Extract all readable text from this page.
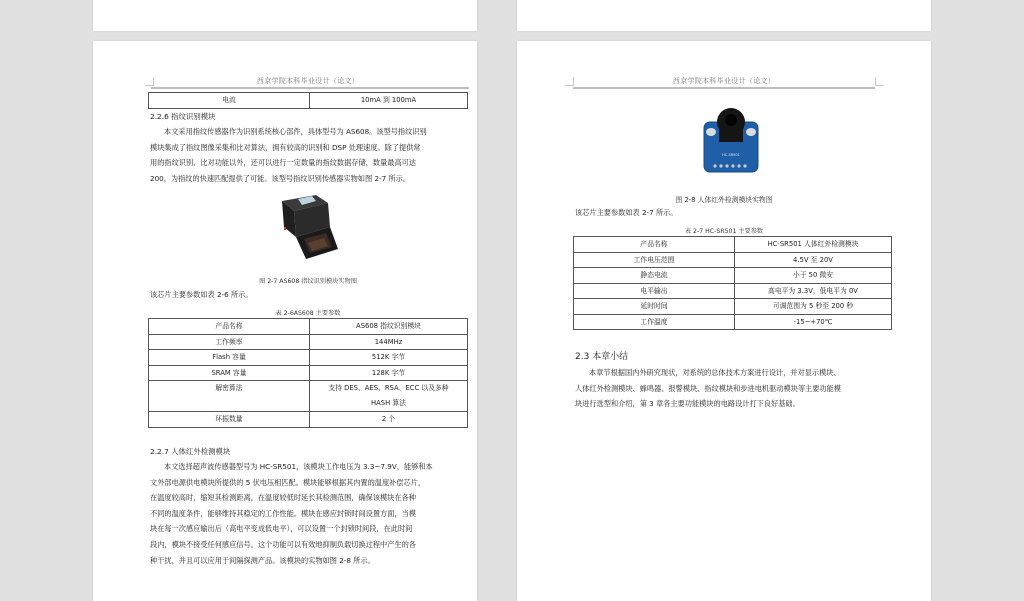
西京学院本科毕业设计（论文）
电流	10mA 到 100mA
2.2.6 指纹识别模块
本文采用指纹传感器作为识别系统核心部件，具体型号为 AS608。该型号指纹识别
模块集成了指纹图像采集和比对算法，拥有较高的识别和 DSP 处理速度。除了提供常
用的指纹识别、比对功能以外，还可以进行一定数量的指纹数据存储，数量最高可达
200，为指纹的快速匹配提供了可能。该型号指纹识别传感器实物如图 2-7 所示。
图 2-7 AS608 指纹识别模块实物图
该芯片主要参数如表 2-6 所示。
表 2-6AS608 主要参数
产品名称	AS608 指纹识别模块
工作频率	144MHz
Flash 容量	512K 字节
SRAM 容量	128K 字节
解密算法	支持 DES、AES、RSA、ECC 以及多种
HASH 算法

环振数量	2 个
2.2.7 人体红外检测模块
本文选择超声波传感器型号为 HC-SR501，该模块工作电压为 3.3~7.9V，能够和本
文外部电源供电模块所提供的 5 伏电压相匹配。模块能够根据其内置的温度补偿芯片，
在温度较高时，缩短其检测距离，在温度较低时延长其检测范围，确保该模块在各种
不同的温度条件，能够维持其稳定的工作性能。模块在感应封锁时间设置方面，当模
块在每一次感应输出后（高电平变成低电平），可以设置一个封锁时间段，在此时间
段内，模块不接受任何感应信号。这个功能可以有效地抑制负载切换过程中产生的各
种干扰，并且可以应用于间隔探测产品。该模块的实物如图 2-8 所示。
西京学院本科毕业设计（论文）
HC-SR501
图 2-8 人体红外检测模块实物图
该芯片主要参数如表 2-7 所示。
表 2-7 HC-SR501 主要参数
产品名称	HC-SR501 人体红外检测模块
工作电压范围	4.5V 至 20V
静态电流	小于 50 微安
电平输出	高电平为 3.3V，低电平为 0V
延时时间	可调范围为 5 秒至 200 秒
工作温度	-15~+70℃
2.3 本章小结
本章节根据国内外研究现状，对系统的总体技术方案进行设计，并对显示模块、
人体红外检测模块、蜂鸣器、报警模块、指纹模块和步进电机驱动模块等主要功能模
块进行选型和介绍，第 3 章各主要功能模块的电路设计打下良好基础。
